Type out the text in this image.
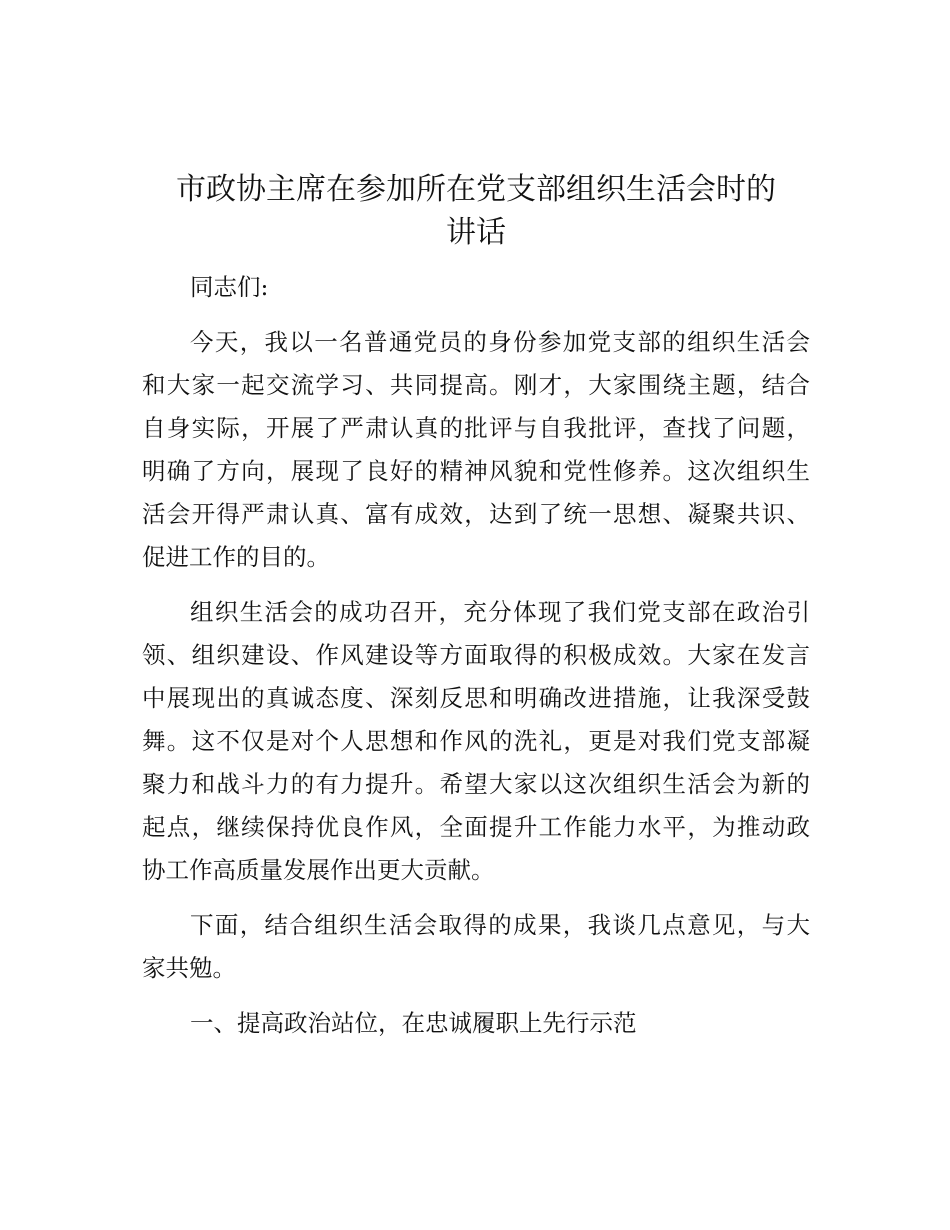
市政协主席在参加所在党支部组织生活会时的
讲话
同志们:
今天，我以一名普通党员的身份参加党支部的组织生活会
和大家一起交流学习、共同提高。刚才，大家围绕主题，结合
自身实际，开展了严肃认真的批评与自我批评，查找了问题，
明确了方向，展现了良好的精神风貌和党性修养。这次组织生
活会开得严肃认真、富有成效，达到了统一思想、凝聚共识、
促进工作的目的。
组织生活会的成功召开，充分体现了我们党支部在政治引
领、组织建设、作风建设等方面取得的积极成效。大家在发言
中展现出的真诚态度、深刻反思和明确改进措施，让我深受鼓
舞。这不仅是对个人思想和作风的洗礼，更是对我们党支部凝
聚力和战斗力的有力提升。希望大家以这次组织生活会为新的
起点，继续保持优良作风，全面提升工作能力水平，为推动政
协工作高质量发展作出更大贡献。
下面，结合组织生活会取得的成果，我谈几点意见，与大
家共勉。
一、提高政治站位，在忠诚履职上先行示范
